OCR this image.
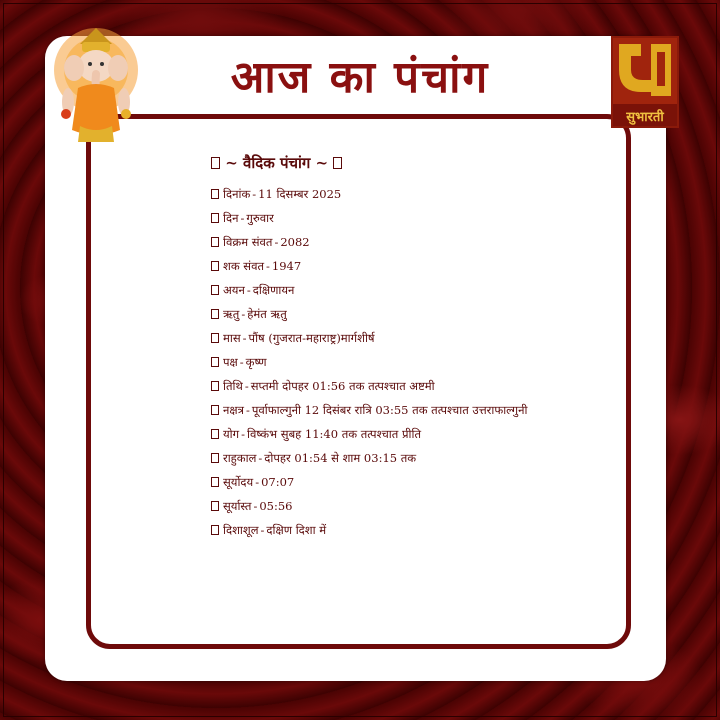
आज का पंचांग
सुभारती
~ वैदिक पंचांग ~
दिनांक - 11 दिसम्बर 2025
दिन - गुरुवार
विक्रम संवत - 2082
शक संवत - 1947
अयन - दक्षिणायन
ऋतु - हेमंत ऋतु
मास - पौंष (गुजरात-महाराष्ट्र)मार्गशीर्ष
पक्ष - कृष्ण
तिथि - सप्तमी दोपहर 01:56 तक तत्पश्चात अष्टमी
नक्षत्र - पूर्वाफाल्गुनी 12 दिसंबर रात्रि 03:55 तक तत्पश्चात उत्तराफाल्गुनी
योग - विष्कंभ सुबह 11:40 तक तत्पश्चात प्रीति
राहुकाल - दोपहर 01:54 से शाम 03:15 तक
सूर्योदय - 07:07
सूर्यास्त - 05:56
दिशाशूल - दक्षिण दिशा में
